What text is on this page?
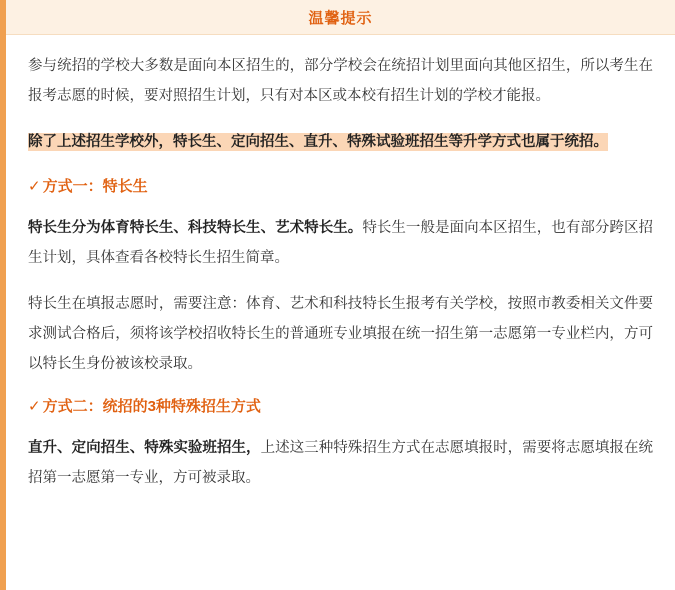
温馨提示

参与统招的学校大多数是面向本区招生的，部分学校会在统招计划里面向其他区招生，所以考生在报考志愿的时候，要对照招生计划，只有对本区或本校有招生计划的学校才能报。

除了上述招生学校外，特长生、定向招生、直升、特殊试验班招生等升学方式也属于统招。
✓ 方式一：特长生

特长生分为体育特长生、科技特长生、艺术特长生。特长生一般是面向本区招生，也有部分跨区招生计划，具体查看各校特长生招生简章。

特长生在填报志愿时，需要注意：体育、艺术和科技特长生报考有关学校，按照市教委相关文件要求测试合格后，须将该学校招收特长生的普通班专业填报在统一招生第一志愿第一专业栏内，方可以特长生身份被该校录取。

✓ 方式二：统招的3种特殊招生方式

直升、定向招生、特殊实验班招生，上述这三种特殊招生方式在志愿填报时，需要将志愿填报在统招第一志愿第一专业，方可被录取。
